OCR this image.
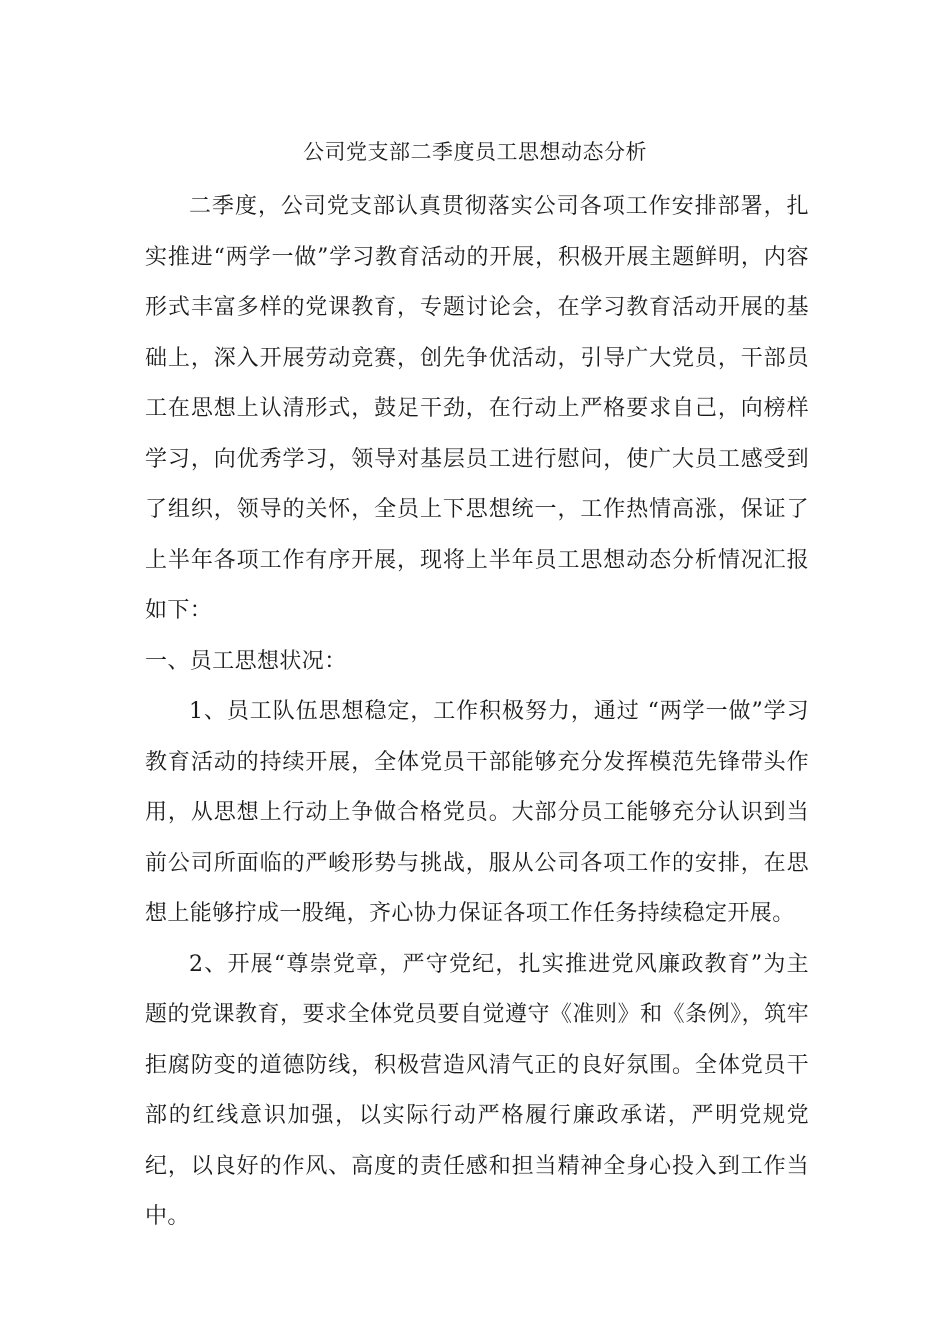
公司党支部二季度员工思想动态分析

二季度，公司党支部认真贯彻落实公司各项工作安排部署，扎实推进“两学一做”学习教育活动的开展，积极开展主题鲜明，内容形式丰富多样的党课教育，专题讨论会，在学习教育活动开展的基础上，深入开展劳动竞赛，创先争优活动，引导广大党员，干部员工在思想上认清形式，鼓足干劲，在行动上严格要求自己，向榜样学习，向优秀学习，领导对基层员工进行慰问，使广大员工感受到了组织，领导的关怀，全员上下思想统一，工作热情高涨，保证了上半年各项工作有序开展，现将上半年员工思想动态分析情况汇报如下：

一、员工思想状况：

1、员工队伍思想稳定，工作积极努力，通过 “两学一做”学习教育活动的持续开展，全体党员干部能够充分发挥模范先锋带头作用，从思想上行动上争做合格党员。大部分员工能够充分认识到当前公司所面临的严峻形势与挑战，服从公司各项工作的安排，在思想上能够拧成一股绳，齐心协力保证各项工作任务持续稳定开展。

2、开展“尊崇党章，严守党纪，扎实推进党风廉政教育”为主题的党课教育，要求全体党员要自觉遵守《准则》和《条例》，筑牢拒腐防变的道德防线，积极营造风清气正的良好氛围。全体党员干部的红线意识加强，以实际行动严格履行廉政承诺，严明党规党纪，以良好的作风、高度的责任感和担当精神全身心投入到工作当中。
